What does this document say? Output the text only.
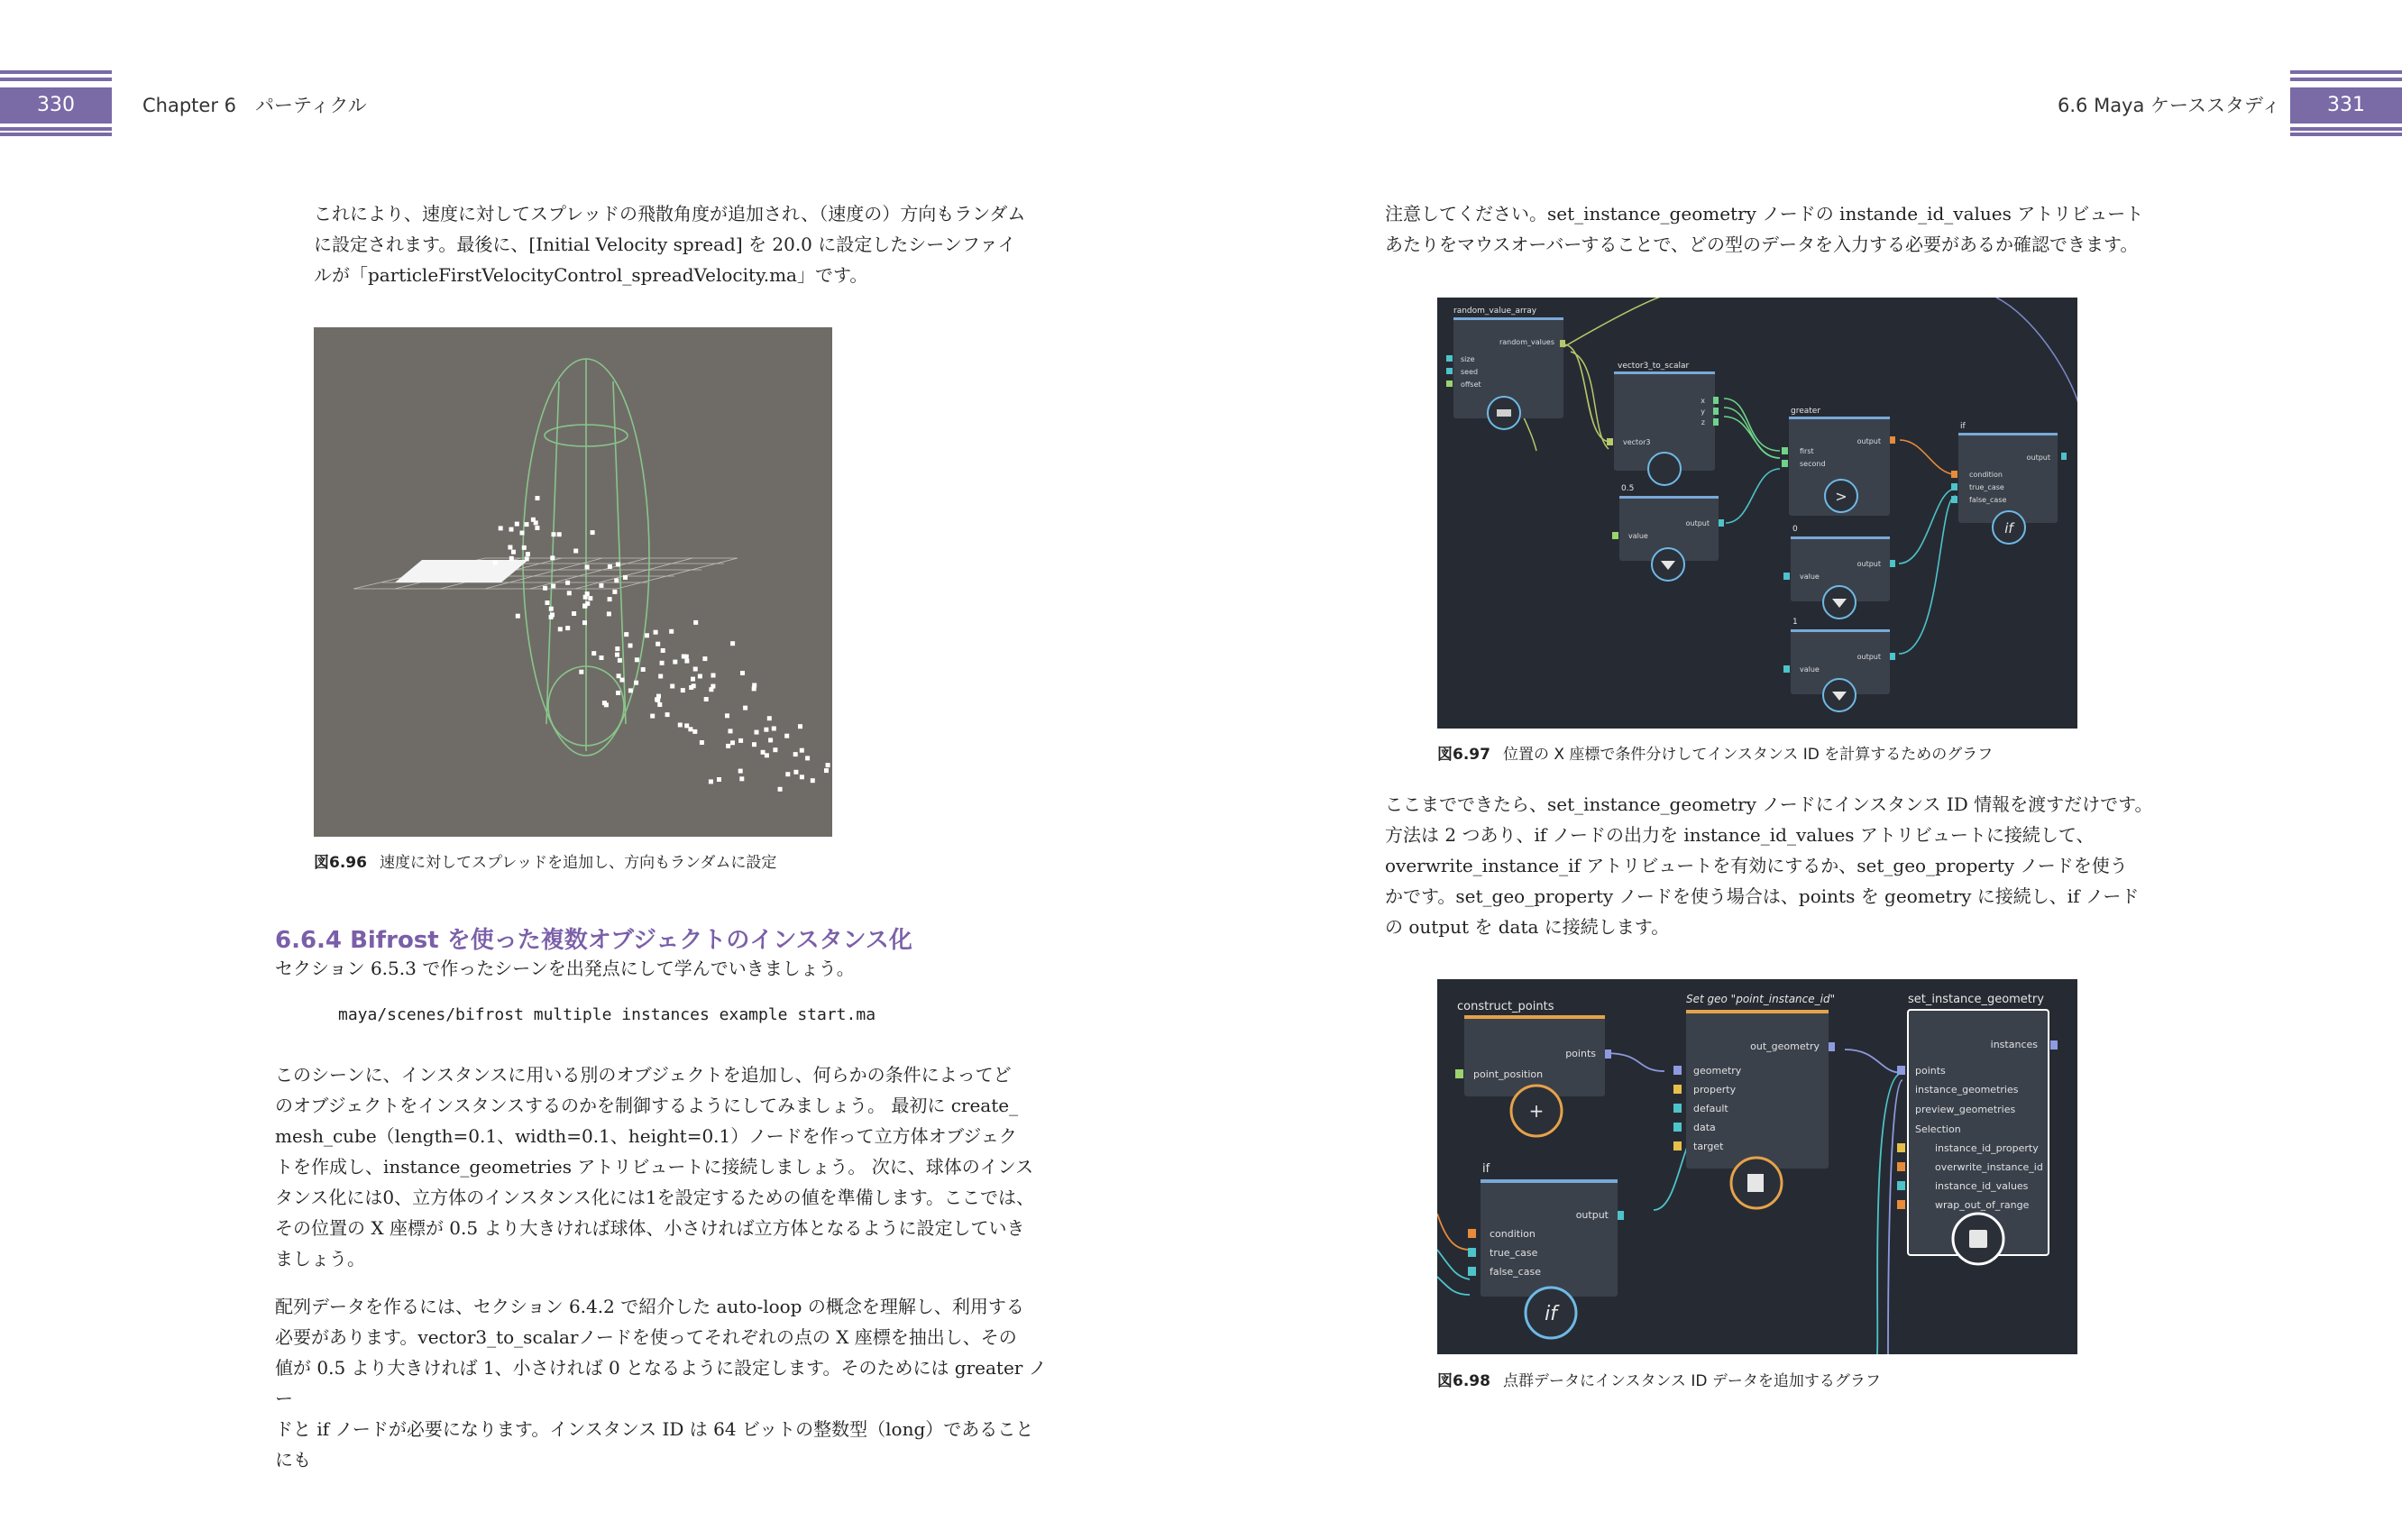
330	Chapter 6　パーティクル	331
6.6 Maya ケーススタディ

これにより、速度に対してスプレッドの飛散角度が追加され、（速度の）方向もランダム

に設定されます。最後に、[Initial Velocity spread] を 20.0 に設定したシーンファイ

ルが「particleFirstVelocityControl_spreadVelocity.ma」です。

図6.96 速度に対してスプレッドを追加し、方向もランダムに設定
6.6.4 Bifrost を使った複数オブジェクトのインスタンス化
セクション 6.5.3 で作ったシーンを出発点にして学んでいきましょう。
maya/scenes/bifrost multiple instances example start.ma

このシーンに、インスタンスに用いる別のオブジェクトを追加し、何らかの条件によってど

のオブジェクトをインスタンスするのかを制御するようにしてみましょう。 最初に create_

mesh_cube（length=0.1、width=0.1、height=0.1）ノードを作って立方体オブジェク

トを作成し、instance_geometries アトリビュートに接続しましょう。 次に、球体のインス

タンス化には0、立方体のインスタンス化には1を設定するための値を準備します。ここでは、

その位置の X 座標が 0.5 より大きければ球体、小さければ立方体となるように設定していき

ましょう。

配列データを作るには、セクション 6.4.2 で紹介した auto-loop の概念を理解し、利用する

必要があります。vector3_to_scalarノードを使ってそれぞれの点の X 座標を抽出し、その

値が 0.5 より大きければ 1、小さければ 0 となるように設定します。そのためには greater ノー

ドと if ノードが必要になります。インスタンス ID は 64 ビットの整数型（long）であることにも

注意してください。set_instance_geometry ノードの instande_id_values アトリビュート

あたりをマウスオーバーすることで、どの型のデータを入力する必要があるか確認できます。

random_value_array
random_values
size
seed
offset
vector3_to_scalar
x
y
z
vector3
greater
output
first
second
>
if
output
condition
true_case
false_case
if
0.5
output
value
0
output
value
1
output
value
図6.97 位置の X 座標で条件分けしてインスタンス ID を計算するためのグラフ

ここまでできたら、set_instance_geometry ノードにインスタンス ID 情報を渡すだけです。

方法は 2 つあり、if ノードの出力を instance_id_values アトリビュートに接続して、

overwrite_instance_if アトリビュートを有効にするか、set_geo_property ノードを使う

かです。set_geo_property ノードを使う場合は、points を geometry に接続し、if ノード

の output を data に接続します。

construct_points
points
point_position
+
Set geo "point_instance_id"
out_geometry
geometry
property
default
data
target
set_instance_geometry
instances
points
instance_geometries
preview_geometries
Selection
instance_id_property
overwrite_instance_id
instance_id_values
wrap_out_of_range
if
output
condition
true_case
false_case
if
図6.98 点群データにインスタンス ID データを追加するグラフ
